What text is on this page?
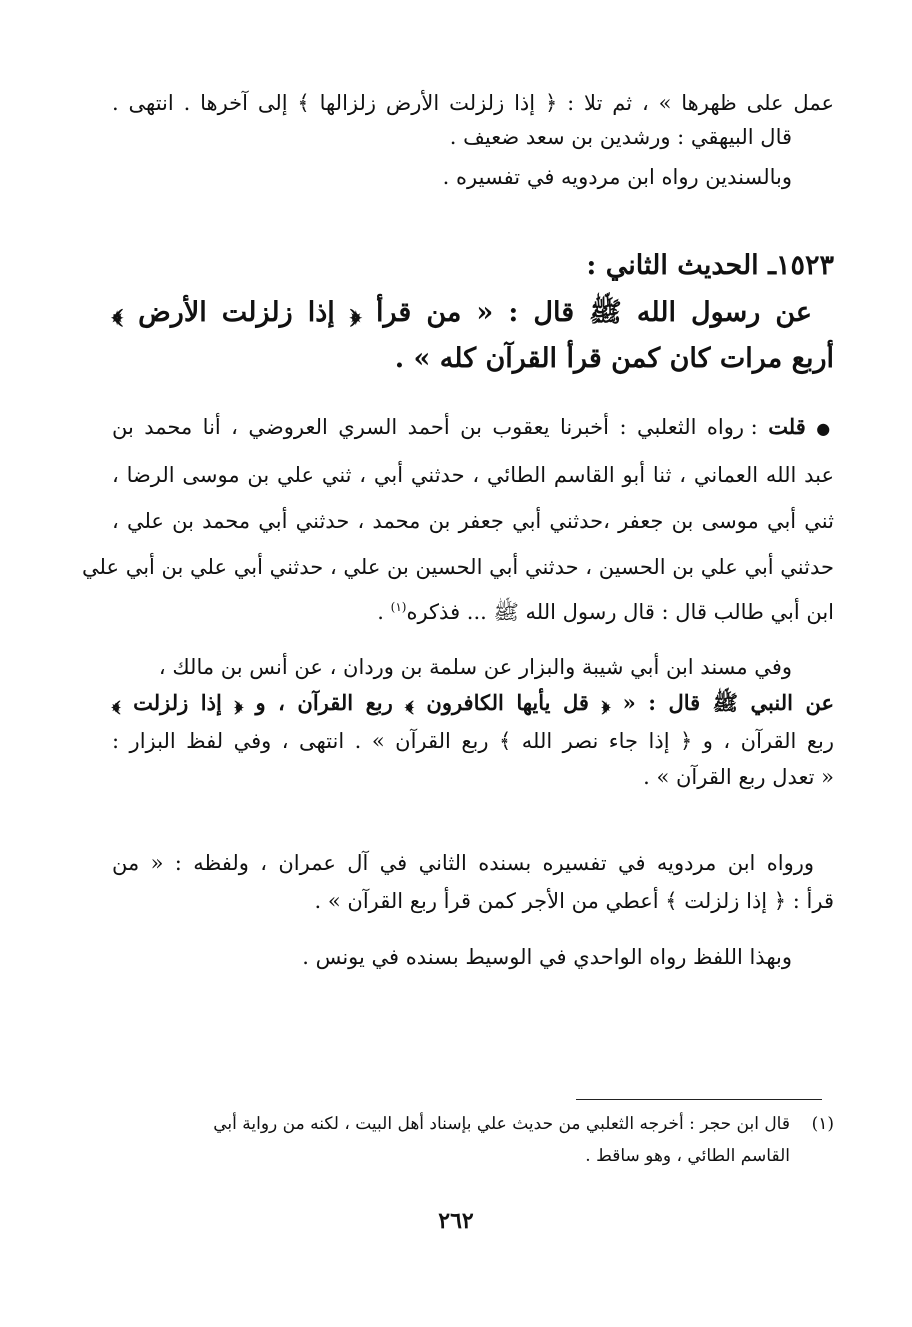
عمل على ظهرها » ، ثم تلا : ﴿ إذا زلزلت الأرض زلزالها ﴾ إلى آخرها . انتهى .
قال البيهقي : ورشدين بن سعد ضعيف .
وبالسندين رواه ابن مردويه في تفسيره .
١٥٢٣ـ الحديث الثاني :
عن رسول الله ﷺ قال : « من قرأ ﴿ إذا زلزلت الأرض ﴾
أربع مرات كان كمن قرأ القرآن كله » .
● قلت : رواه الثعلبي : أخبرنا يعقوب بن أحمد السري العروضي ، أنا محمد بن
عبد الله العماني ، ثنا أبو القاسم الطائي ، حدثني أبي ، ثني علي بن موسى الرضا ،
ثني أبي موسى بن جعفر ،حدثني أبي جعفر بن محمد ، حدثني أبي محمد بن علي ،
حدثني أبي علي بن الحسين ، حدثني أبي الحسين بن علي ، حدثني أبي علي بن أبي علي
ابن أبي طالب قال : قال رسول الله ﷺ ... فذكره$^{(١)}$ .
وفي مسند ابن أبي شيبة والبزار عن سلمة بن وردان ، عن أنس بن مالك ،
عن النبي ﷺ قال : « ﴿ قل يأيها الكافرون ﴾ ربع القرآن ، و ﴿ إذا زلزلت ﴾
ربع القرآن ، و ﴿ إذا جاء نصر الله ﴾ ربع القرآن » . انتهى ، وفي لفظ البزار :
« تعدل ربع القرآن » .
ورواه ابن مردويه في تفسيره بسنده الثاني في آل عمران ، ولفظه : « من
قرأ : ﴿ إذا زلزلت ﴾ أعطي من الأجر كمن قرأ ربع القرآن » .
وبهذا اللفظ رواه الواحدي في الوسيط بسنده في يونس .
(١)قال ابن حجر : أخرجه الثعلبي من حديث علي بإسناد أهل البيت ، لكنه من رواية أبي
القاسم الطائي ، وهو ساقط .
٢٦٢
